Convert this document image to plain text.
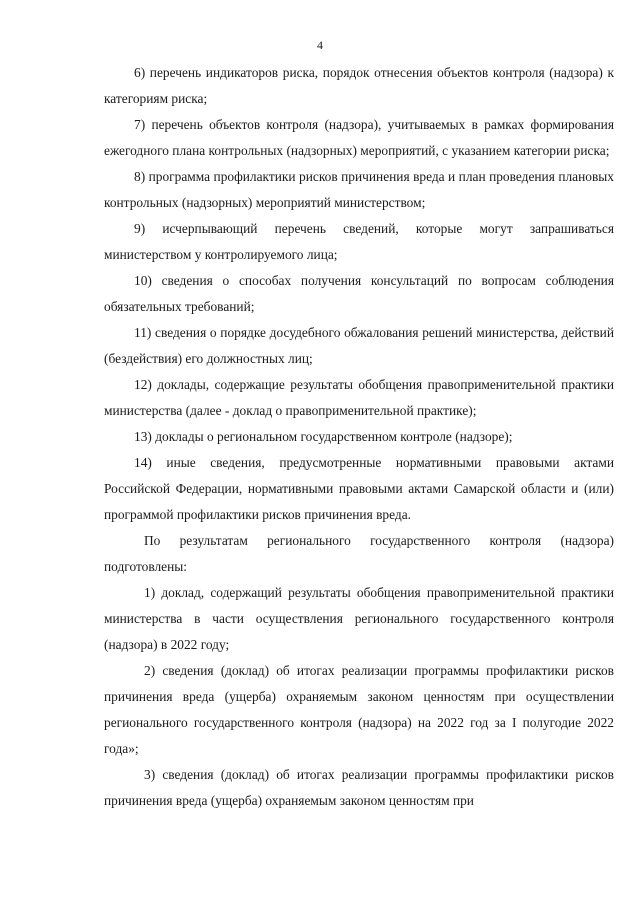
4

6) перечень индикаторов риска, порядок отнесения объектов контроля (надзора) к категориям риска;

7) перечень объектов контроля (надзора), учитываемых в рамках формирования ежегодного плана контрольных (надзорных) мероприятий, с указанием категории риска;

8) программа профилактики рисков причинения вреда и план проведения плановых контрольных (надзорных) мероприятий министерством;

9) исчерпывающий перечень сведений, которые могут запрашиваться министерством у контролируемого лица;

10) сведения о способах получения консультаций по вопросам соблюдения обязательных требований;

11) сведения о порядке досудебного обжалования решений министерства, действий (бездействия) его должностных лиц;

12) доклады, содержащие результаты обобщения правоприменительной практики министерства (далее - доклад о правоприменительной практике);

13) доклады о региональном государственном контроле (надзоре);

14) иные сведения, предусмотренные нормативными правовыми актами Российской Федерации, нормативными правовыми актами Самарской области и (или) программой профилактики рисков причинения вреда.

По результатам регионального государственного контроля (надзора) подготовлены:

1) доклад, содержащий результаты обобщения правоприменительной практики министерства в части осуществления регионального государственного контроля (надзора) в 2022 году;

2) сведения (доклад) об итогах реализации программы профилактики рисков причинения вреда (ущерба) охраняемым законом ценностям при осуществлении регионального государственного контроля (надзора) на 2022 год за I полугодие 2022 года»;

3) сведения (доклад) об итогах реализации программы профилактики рисков причинения вреда (ущерба) охраняемым законом ценностям при
